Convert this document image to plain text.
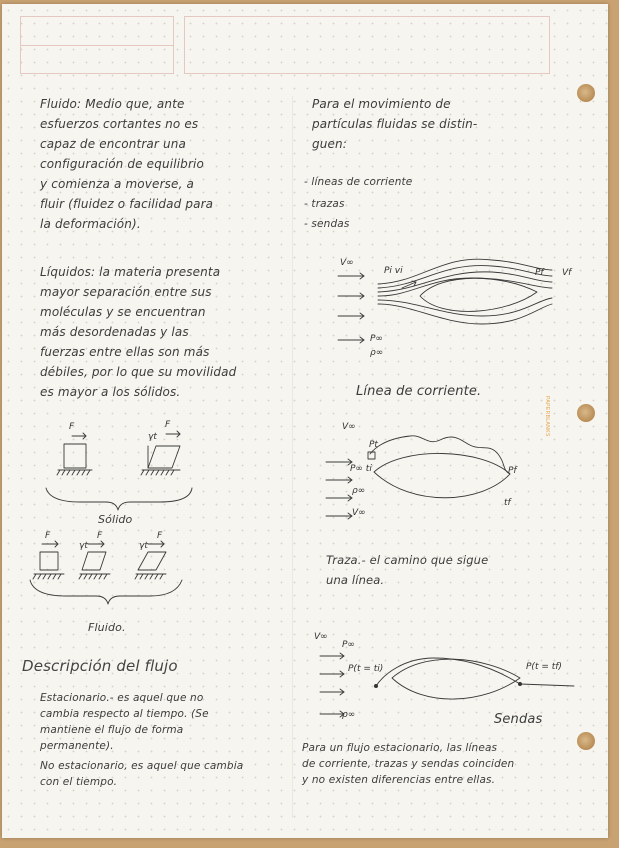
PAPERBLANKS

Fluido: Medio que, ante
esfuerzos cortantes no es
capaz de encontrar una
configuración de equilibrio
y comienza a moverse, a
fluir (fluidez o facilidad para
la deformación).

Líquidos: la materia presenta
mayor separación entre sus
moléculas y se encuentran
más desordenadas y las
fuerzas entre ellas son más
débiles, por lo que su movilidad
es mayor a los sólidos.

F	F
γt
Sólido
F	F	F
γt	γt
Fluido.

Descripción del flujo

Estacionario.- es aquel que no
cambia respecto al tiempo. (Se
mantiene el flujo de forma
permanente).

No estacionario, es aquel que cambia
con el tiempo.

Para el movimiento de
partículas fluidas se distin-
guen:

- líneas de corriente

- trazas

- sendas

V∞
Pi vi	Pf Vf
P∞
ρ∞
Línea de corriente.
V∞
Pt
P∞ ti
ρ∞
V∞
Pf
tf

Traza.- el camino que sigue
una línea.

V∞
P∞
P(t = ti)	P(t = tf)
ρ∞	Sendas

Para un flujo estacionario, las líneas
de corriente, trazas y sendas coinciden
y no existen diferencias entre ellas.
